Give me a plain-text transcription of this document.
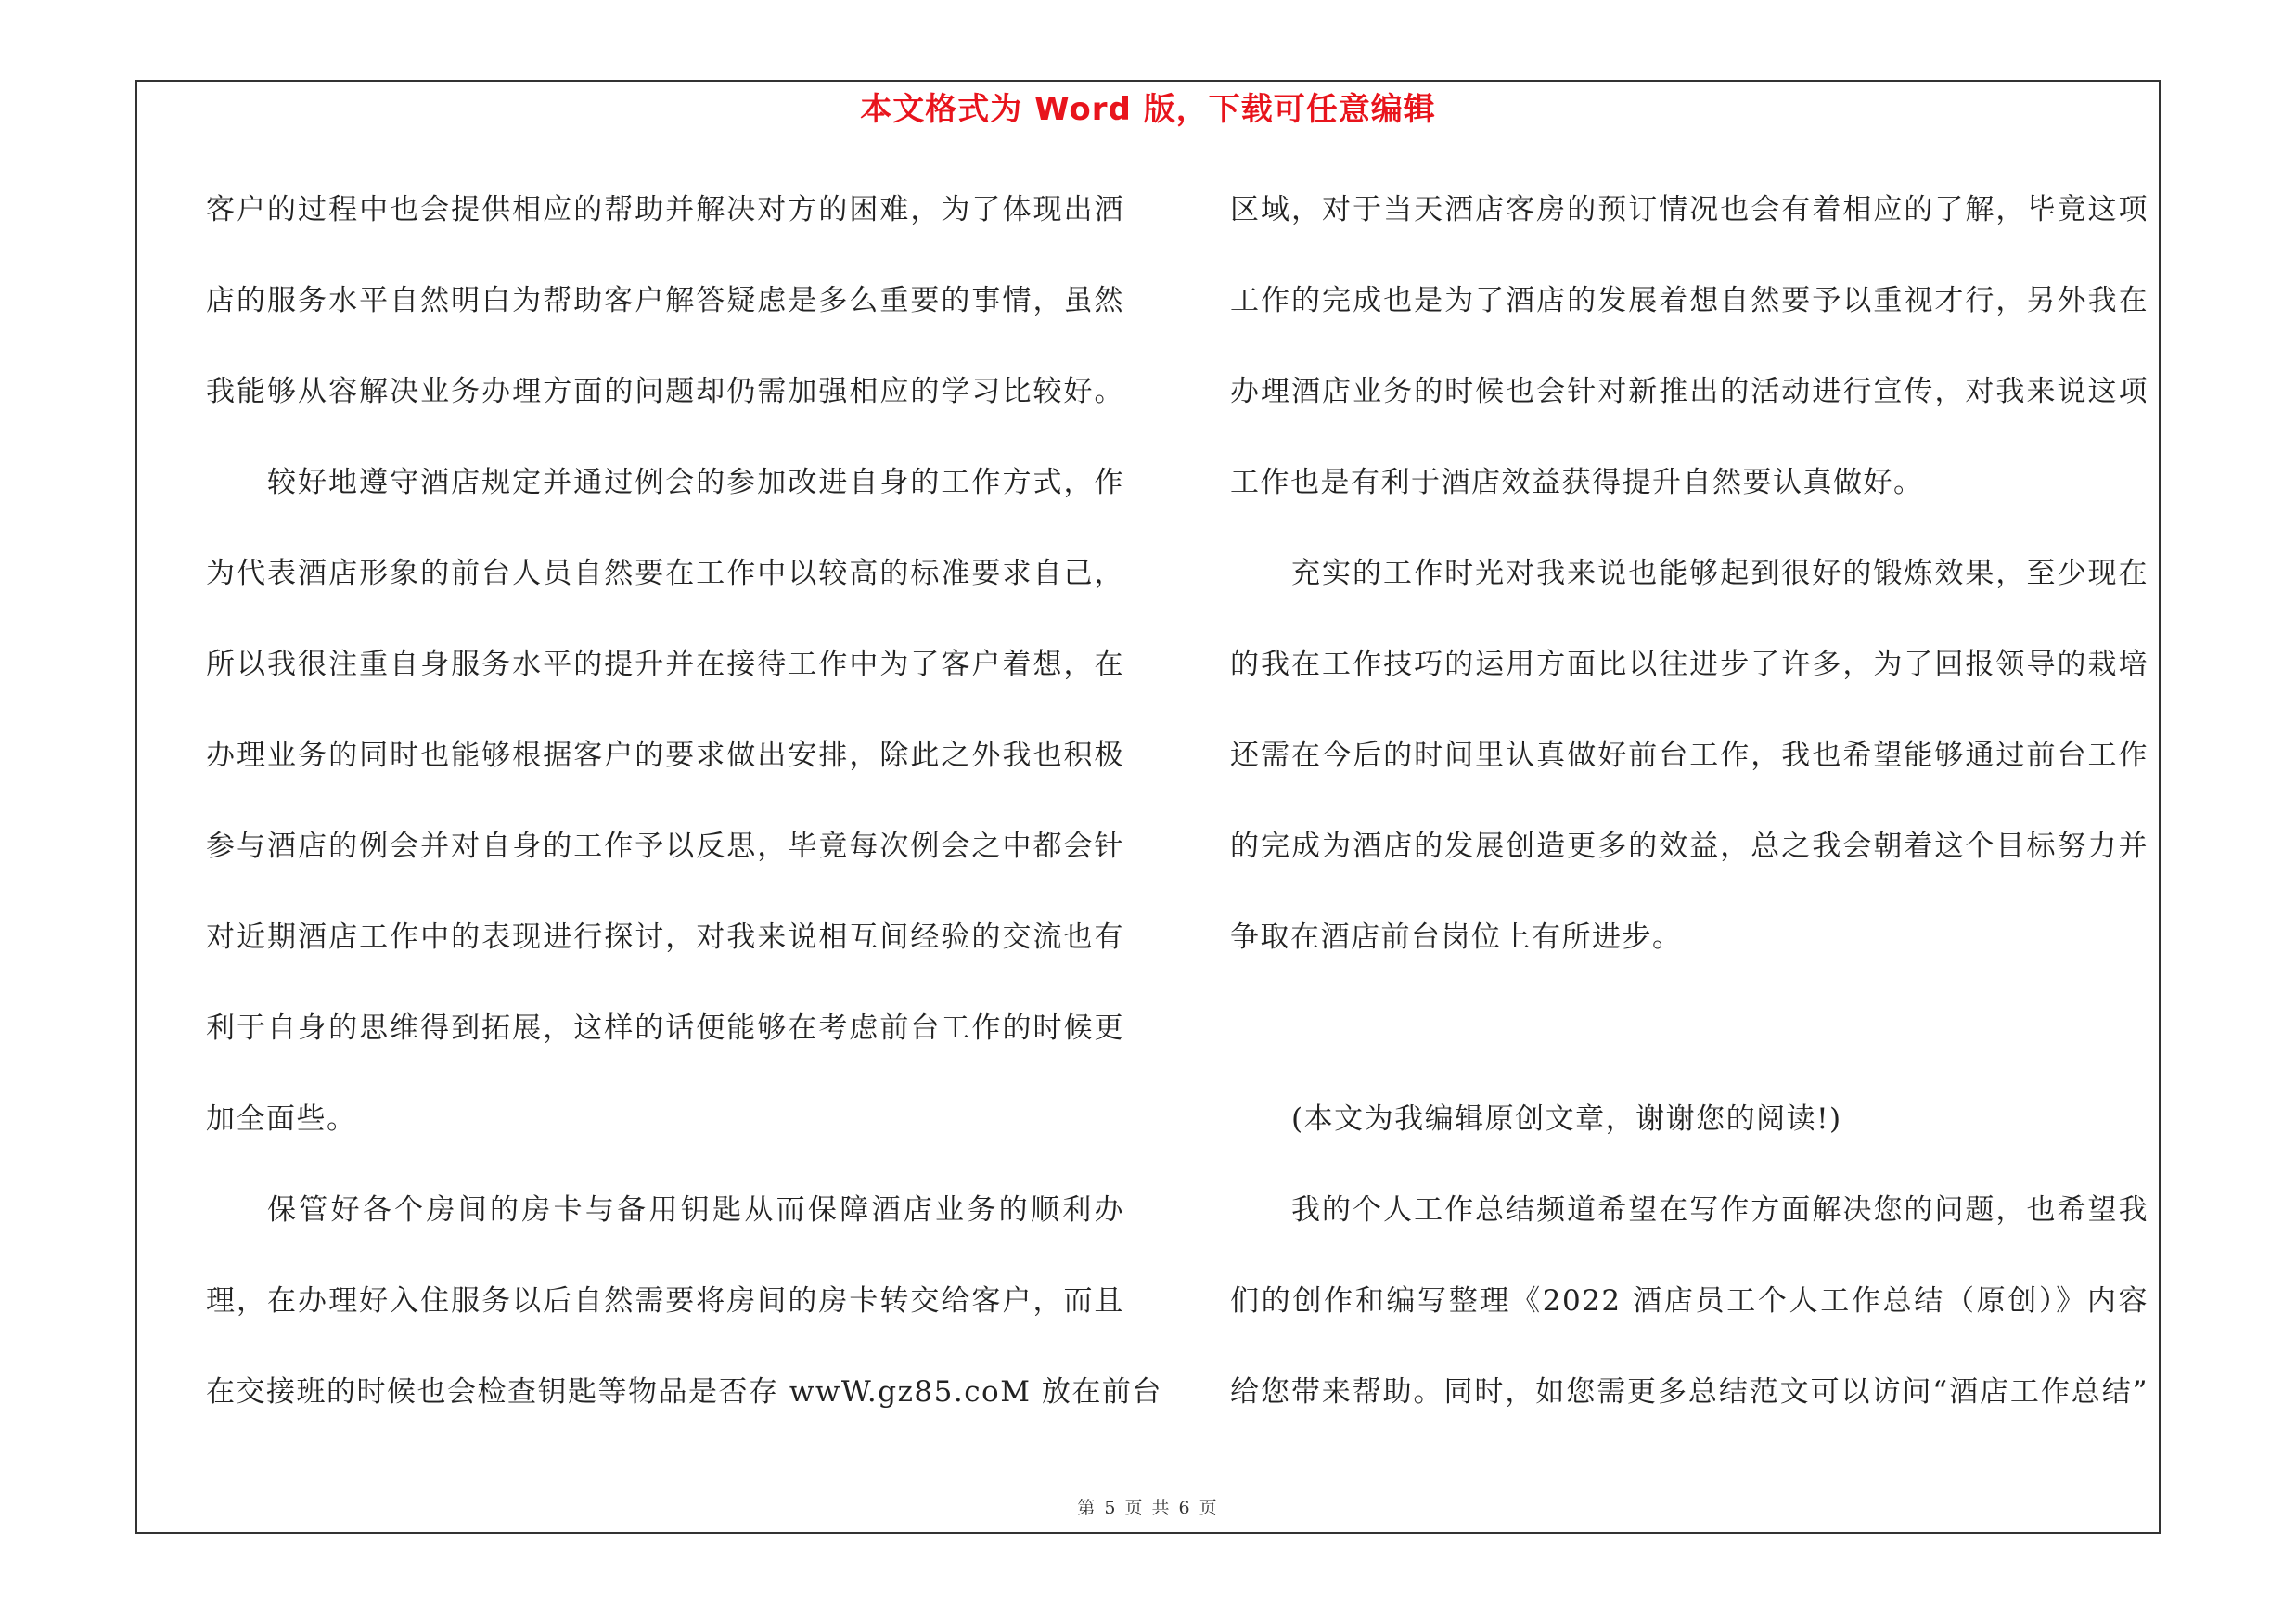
本文格式为 Word 版，下载可任意编辑
客户的过程中也会提供相应的帮助并解决对方的困难，为了体现出酒
店的服务水平自然明白为帮助客户解答疑虑是多么重要的事情，虽然
我能够从容解决业务办理方面的问题却仍需加强相应的学习比较好。
较好地遵守酒店规定并通过例会的参加改进自身的工作方式，作
为代表酒店形象的前台人员自然要在工作中以较高的标准要求自己，
所以我很注重自身服务水平的提升并在接待工作中为了客户着想，在
办理业务的同时也能够根据客户的要求做出安排，除此之外我也积极
参与酒店的例会并对自身的工作予以反思，毕竟每次例会之中都会针
对近期酒店工作中的表现进行探讨，对我来说相互间经验的交流也有
利于自身的思维得到拓展，这样的话便能够在考虑前台工作的时候更
加全面些。
保管好各个房间的房卡与备用钥匙从而保障酒店业务的顺利办
理，在办理好入住服务以后自然需要将房间的房卡转交给客户，而且
在交接班的时候也会检查钥匙等物品是否存 wwW.gz85.coM 放在前台
区域，对于当天酒店客房的预订情况也会有着相应的了解，毕竟这项
工作的完成也是为了酒店的发展着想自然要予以重视才行，另外我在
办理酒店业务的时候也会针对新推出的活动进行宣传，对我来说这项
工作也是有利于酒店效益获得提升自然要认真做好。
充实的工作时光对我来说也能够起到很好的锻炼效果，至少现在
的我在工作技巧的运用方面比以往进步了许多，为了回报领导的栽培
还需在今后的时间里认真做好前台工作，我也希望能够通过前台工作
的完成为酒店的发展创造更多的效益，总之我会朝着这个目标努力并
争取在酒店前台岗位上有所进步。
(本文为我编辑原创文章，谢谢您的阅读!)
我的个人工作总结频道希望在写作方面解决您的问题，也希望我
们的创作和编写整理《2022 酒店员工个人工作总结（原创）》内容
给您带来帮助。同时，如您需更多总结范文可以访问“酒店工作总结”
第 5 页 共 6 页
